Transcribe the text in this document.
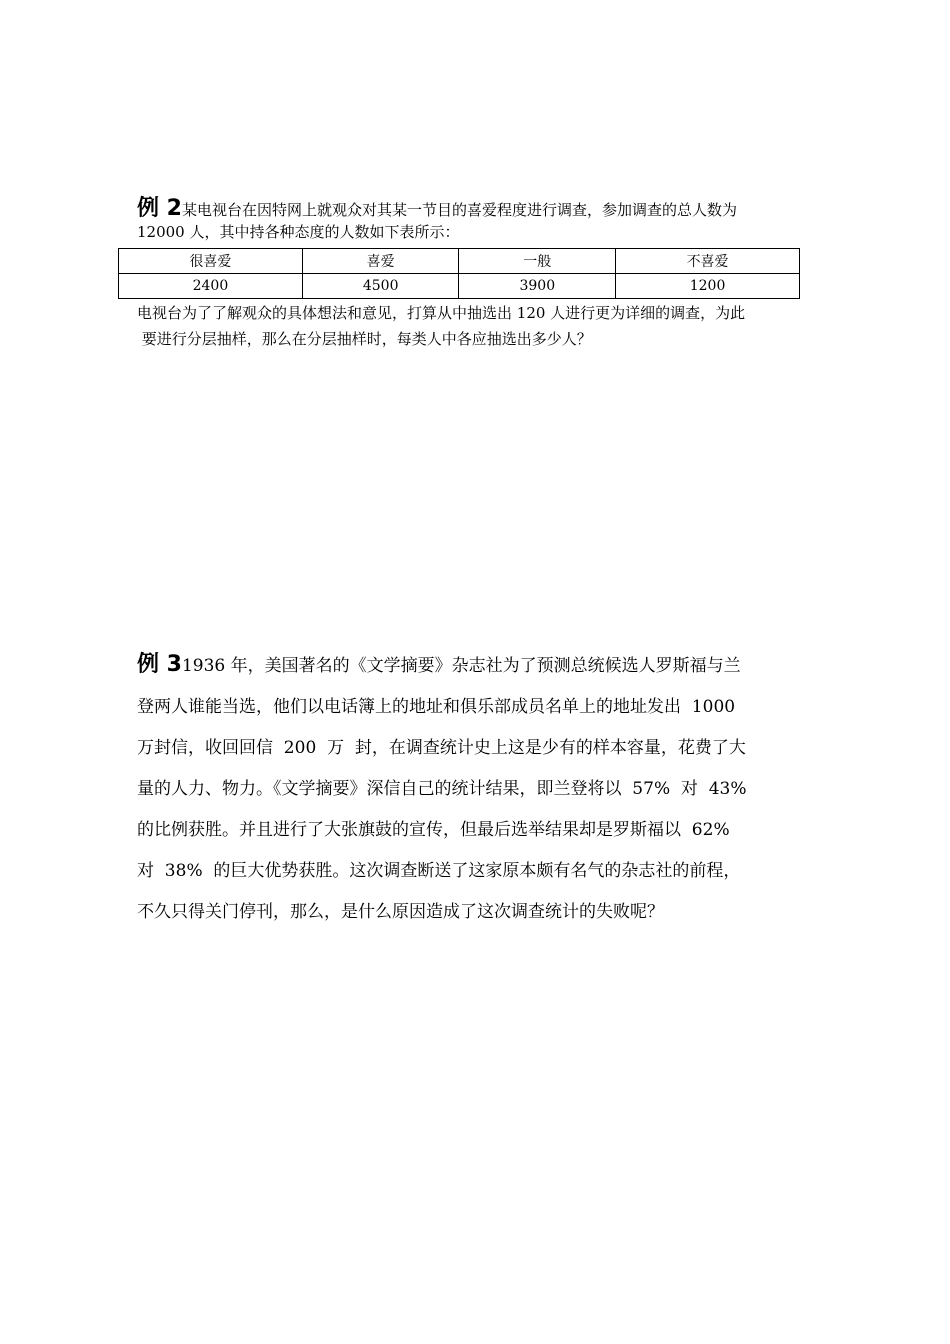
例 2某电视台在因特网上就观众对其某一节目的喜爱程度进行调查，参加调查的总人数为

12000 人，其中持各种态度的人数如下表所示：

很喜爱	喜爱	一般	不喜爱
2400	4500	3900	1200
电视台为了了解观众的具体想法和意见，打算从中抽选出 120 人进行更为详细的调查，为此
要进行分层抽样，那么在分层抽样时，每类人中各应抽选出多少人？
例 31936 年，美国著名的《文学摘要》杂志社为了预测总统候选人罗斯福与兰
登两人谁能当选，他们以电话簿上的地址和俱乐部成员名单上的地址发出  1000
万封信，收回回信  200  万  封，在调查统计史上这是少有的样本容量，花费了大
量的人力、物力。《文学摘要》深信自己的统计结果，即兰登将以  57%  对  43%
的比例获胜。并且进行了大张旗鼓的宣传，但最后选举结果却是罗斯福以  62%
对  38%  的巨大优势获胜。这次调查断送了这家原本颇有名气的杂志社的前程，
不久只得关门停刊，那么，是什么原因造成了这次调查统计的失败呢？
